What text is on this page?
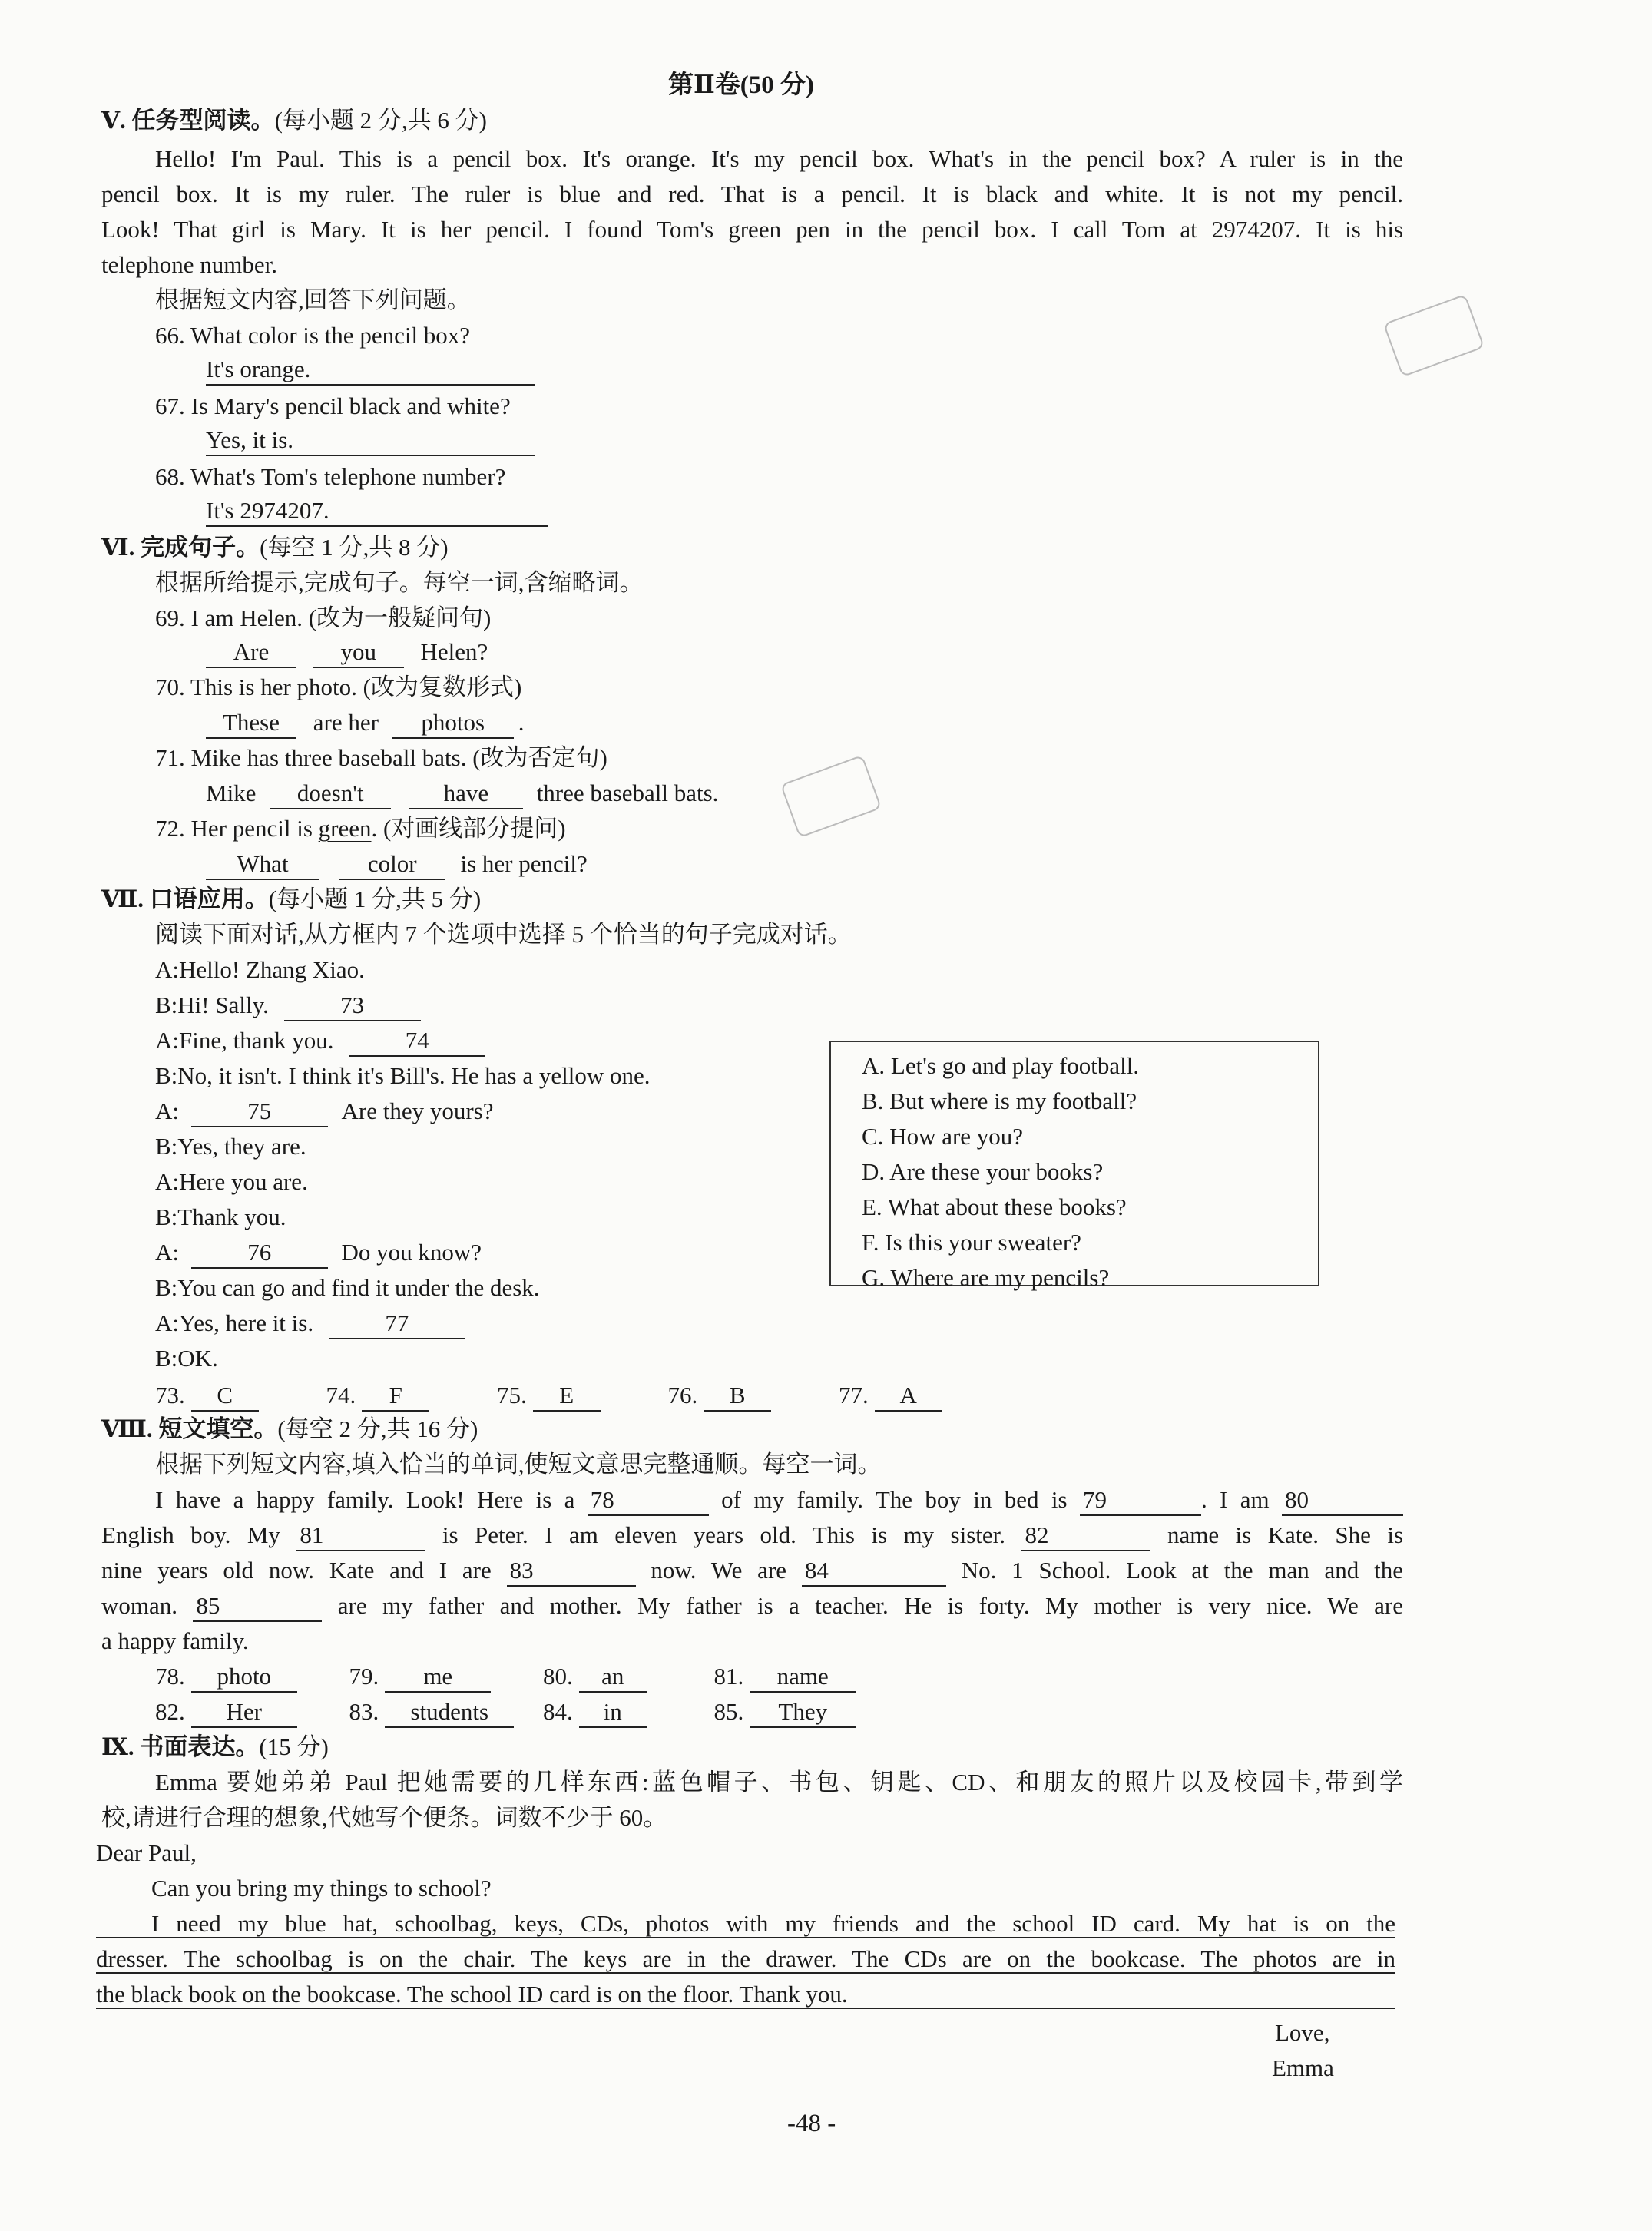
第Ⅱ卷(50 分)
Ⅴ. 任务型阅读。(每小题 2 分,共 6 分)
Hello! I'm Paul. This is a pencil box. It's orange. It's my pencil box. What's in the pencil box? A ruler is in the
pencil box. It is my ruler. The ruler is blue and red. That is a pencil. It is black and white. It is not my pencil.
Look! That girl is Mary. It is her pencil. I found Tom's green pen in the pencil box. I call Tom at 2974207. It is his
telephone number.
根据短文内容,回答下列问题。
66. What color is the pencil box?
It's orange.
67. Is Mary's pencil black and white?
Yes, it is.
68. What's Tom's telephone number?
It's 2974207.
Ⅵ. 完成句子。(每空 1 分,共 8 分)
根据所给提示,完成句子。每空一词,含缩略词。
69. I am Helen. (改为一般疑问句)
Are	you Helen?
70. This is her photo. (改为复数形式)
These are her photos .
71. Mike has three baseball bats. (改为否定句)
Mike doesn't	have three baseball bats.
72. Her pencil is green. (对画线部分提问)
What	color is her pencil?
Ⅶ. 口语应用。(每小题 1 分,共 5 分)
阅读下面对话,从方框内 7 个选项中选择 5 个恰当的句子完成对话。
A:Hello! Zhang Xiao.
B:Hi! Sally.	73
A:Fine, thank you.	74
B:No, it isn't. I think it's Bill's. He has a yellow one.
A:	75	Are they yours?
B:Yes, they are.
A:Here you are.
B:Thank you.
A:	76	Do you know?
B:You can go and find it under the desk.
A:Yes, here it is.	77
B:OK.
A. Let's go and play football.
B. But where is my football?
C. How are you?
D. Are these your books?
E. What about these books?
F. Is this your sweater?
G. Where are my pencils?
73. C	74. F	75. E	76. B	77. A
Ⅷ. 短文填空。(每空 2 分,共 16 分)
根据下列短文内容,填入恰当的单词,使短文意思完整通顺。每空一词。
I have a happy family. Look! Here is a 78	of my family. The boy in bed is 79	. I am 80
English boy. My 81	is Peter. I am eleven years old. This is my sister. 82	name is Kate. She is
nine years old now. Kate and I are 83	now. We are 84	No. 1 School. Look at the man and the
woman. 85	are my father and mother. My father is a teacher. He is forty. My mother is very nice. We are
a happy family.
78. photo	79. me	80. an	81. name
82. Her	83. students 84. in	85. They
Ⅸ. 书面表达。(15 分)
Emma 要她弟弟 Paul 把她需要的几样东西:蓝色帽子、书包、钥匙、CD、和朋友的照片以及校园卡,带到学
校,请进行合理的想象,代她写个便条。词数不少于 60。
Dear Paul,
Can you bring my things to school?
I need my blue hat, schoolbag, keys, CDs, photos with my friends and the school ID card. My hat is on the
dresser. The schoolbag is on the chair. The keys are in the drawer. The CDs are on the bookcase. The photos are in
the black book on the bookcase. The school ID card is on the floor. Thank you.
Love,
Emma
-48 -
